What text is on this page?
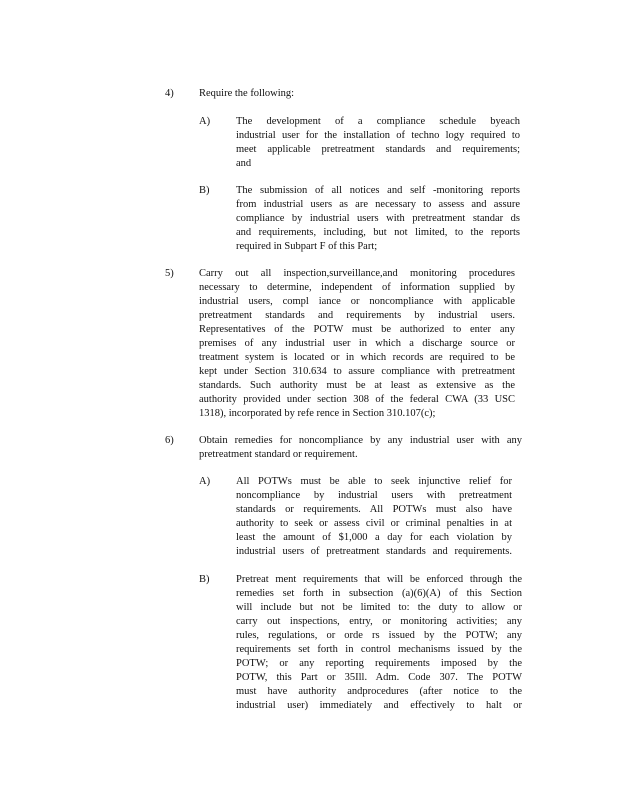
4) Require the following:
A) The development of a compliance schedule byeach
industrial user for the installation of techno logy required to
meet applicable pretreatment standards and requirements;
and
B)	The submission of all notices and self -monitoring reports
from industrial users as are necessary to assess and assure
compliance by industrial users with pretreatment standar ds
and requirements, including, but not limited, to the reports
required in Subpart F of this Part;
5) Carry out all inspection,surveillance,and monitoring procedures
necessary to determine, independent of information supplied by
industrial users, compl iance or noncompliance with applicable
pretreatment standards and requirements by industrial users.
Representatives of the POTW must be authorized to enter any
premises of any industrial user in which a discharge source or
treatment system is located or in which records are required to be
kept under Section 310.634 to assure compliance with pretreatment
standards. Such authority must be at least as extensive as the
authority provided under section 308 of the federal CWA (33 USC
1318), incorporated by refe rence in Section 310.107(c);
6) Obtain remedies for noncompliance by any industrial user with any
pretreatment standard or requirement.
A) All POTWs must be able to seek injunctive relief for
noncompliance by industrial users with pretreatment
standards or requirements. All POTWs must also have
authority to seek or assess civil or criminal penalties in at
least the amount of $1,000 a day for each violation by
industrial users of pretreatment standards and requirements.
B)	Pretreat ment requirements that will be enforced through the
remedies set forth in subsection (a)(6)(A) of this Section
will include but not be limited to: the duty to allow or
carry out inspections, entry, or monitoring activities; any
rules, regulations, or orde rs issued by the POTW; any
requirements set forth in control mechanisms issued by the
POTW; or any reporting requirements imposed by the
POTW, this Part or 35Ill. Adm. Code 307. The POTW
must have authority andprocedures (after notice to the
industrial user) immediately and effectively to halt or
